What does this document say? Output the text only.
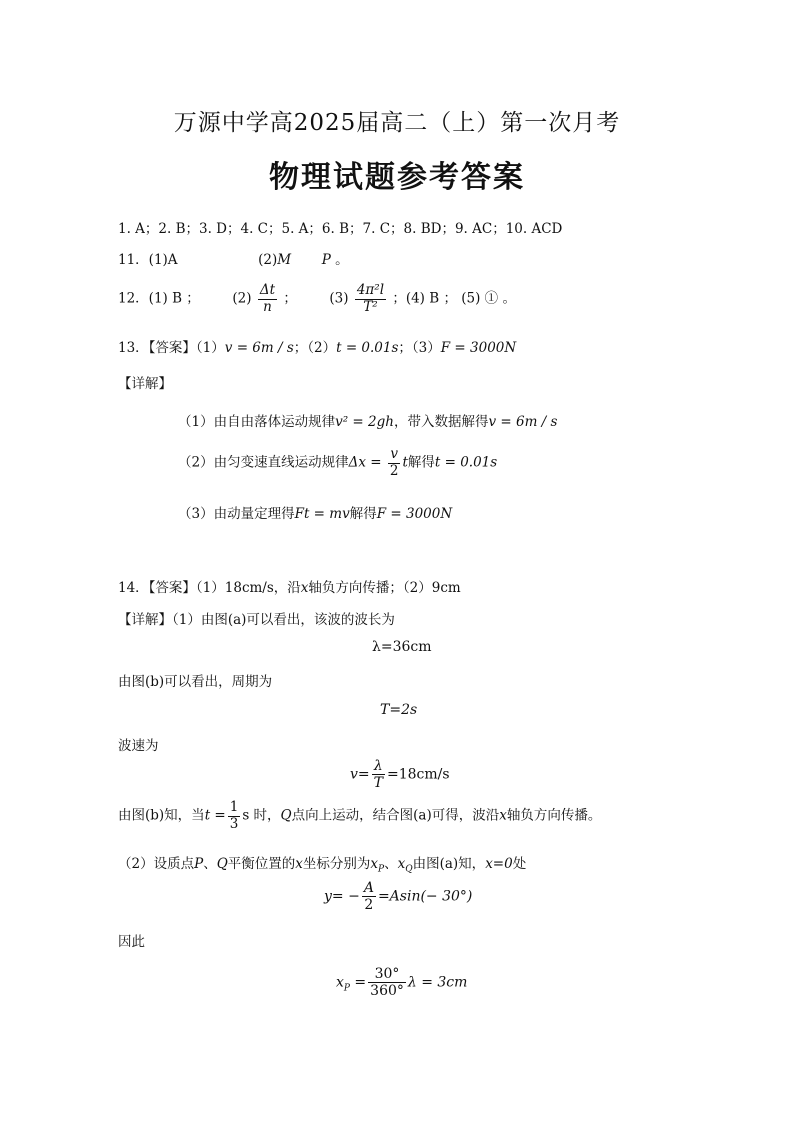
万源中学高2025届高二（上）第一次月考
物理试题参考答案
1. A；2. B；3. D；4. C；5. A；6. B；7. C；8. BD；9. AC；10. ACD
11．(1)A	(2)M P 。
12．(1) B ； $(2) \frac{\Delta t}{n}$ ； $(3) \frac{\text{4π²l}}{\text{T²}}$ ；(4) B ； (5) ① 。
13．【答案】（1）v = 6m / s；（2）t = 0.01s；（3）F = 3000N
【详解】
（1）由自由落体运动规律v² = 2gh，带入数据解得v = 6m / s
（2）由匀变速直线运动规律$\Delta x = \frac{v}{2}$ t解得t = 0.01s
（3）由动量定理得Ft = mv解得F = 3000N
14．【答案】（1）18cm/s，沿x轴负方向传播；（2）9cm
【详解】（1）由图(a)可以看出，该波的波长为
λ=36cm
由图(b)可以看出，周期为
T=2s
波速为
$v= \frac{\lambda}{T} =18cm/s$
由图(b)知，当$t = \frac{1}{3}$ s 时，Q点向上运动，结合图(a)可得，波沿x轴负方向传播。
（2）设质点P、Q平衡位置的x坐标分别为$x_P$、$x_Q$由图(a)知，x=0处
$y= - \frac{A}{2} =Asin(- 30^\circ)$
因此
$x_P = \frac{30^\circ}{360^\circ}$ λ = 3cm
